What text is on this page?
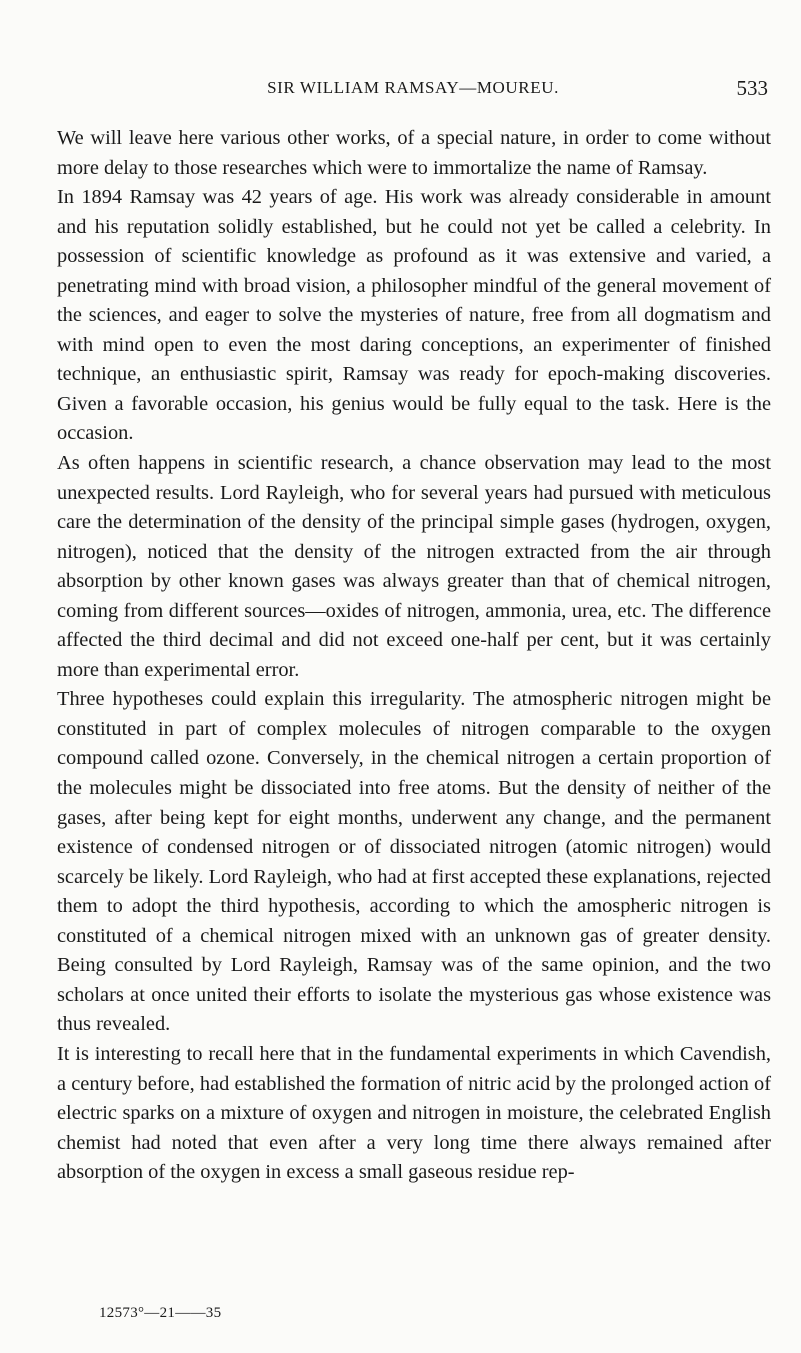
SIR WILLIAM RAMSAY—MOUREU.	533

We will leave here various other works, of a special nature, in order to come without more delay to those researches which were to immortalize the name of Ramsay.

In 1894 Ramsay was 42 years of age. His work was already considerable in amount and his reputation solidly established, but he could not yet be called a celebrity. In possession of scientific knowledge as profound as it was extensive and varied, a penetrating mind with broad vision, a philosopher mindful of the general movement of the sciences, and eager to solve the mysteries of nature, free from all dogmatism and with mind open to even the most daring conceptions, an experimenter of finished technique, an enthusiastic spirit, Ramsay was ready for epoch-making discoveries. Given a favorable occasion, his genius would be fully equal to the task. Here is the occasion.

As often happens in scientific research, a chance observation may lead to the most unexpected results. Lord Rayleigh, who for several years had pursued with meticulous care the determination of the density of the principal simple gases (hydrogen, oxygen, nitrogen), noticed that the density of the nitrogen extracted from the air through absorption by other known gases was always greater than that of chemical nitrogen, coming from different sources—oxides of nitrogen, ammonia, urea, etc. The difference affected the third decimal and did not exceed one-half per cent, but it was certainly more than experimental error.

Three hypotheses could explain this irregularity. The atmospheric nitrogen might be constituted in part of complex molecules of nitrogen comparable to the oxygen compound called ozone. Conversely, in the chemical nitrogen a certain proportion of the molecules might be dissociated into free atoms. But the density of neither of the gases, after being kept for eight months, underwent any change, and the permanent existence of condensed nitrogen or of dissociated nitrogen (atomic nitrogen) would scarcely be likely. Lord Rayleigh, who had at first accepted these explanations, rejected them to adopt the third hypothesis, according to which the amospheric nitrogen is constituted of a chemical nitrogen mixed with an unknown gas of greater density. Being consulted by Lord Rayleigh, Ramsay was of the same opinion, and the two scholars at once united their efforts to isolate the mysterious gas whose existence was thus revealed.

It is interesting to recall here that in the fundamental experiments in which Cavendish, a century before, had established the formation of nitric acid by the prolonged action of electric sparks on a mixture of oxygen and nitrogen in moisture, the celebrated English chemist had noted that even after a very long time there always remained after absorption of the oxygen in excess a small gaseous residue rep-

12573°—21——35
